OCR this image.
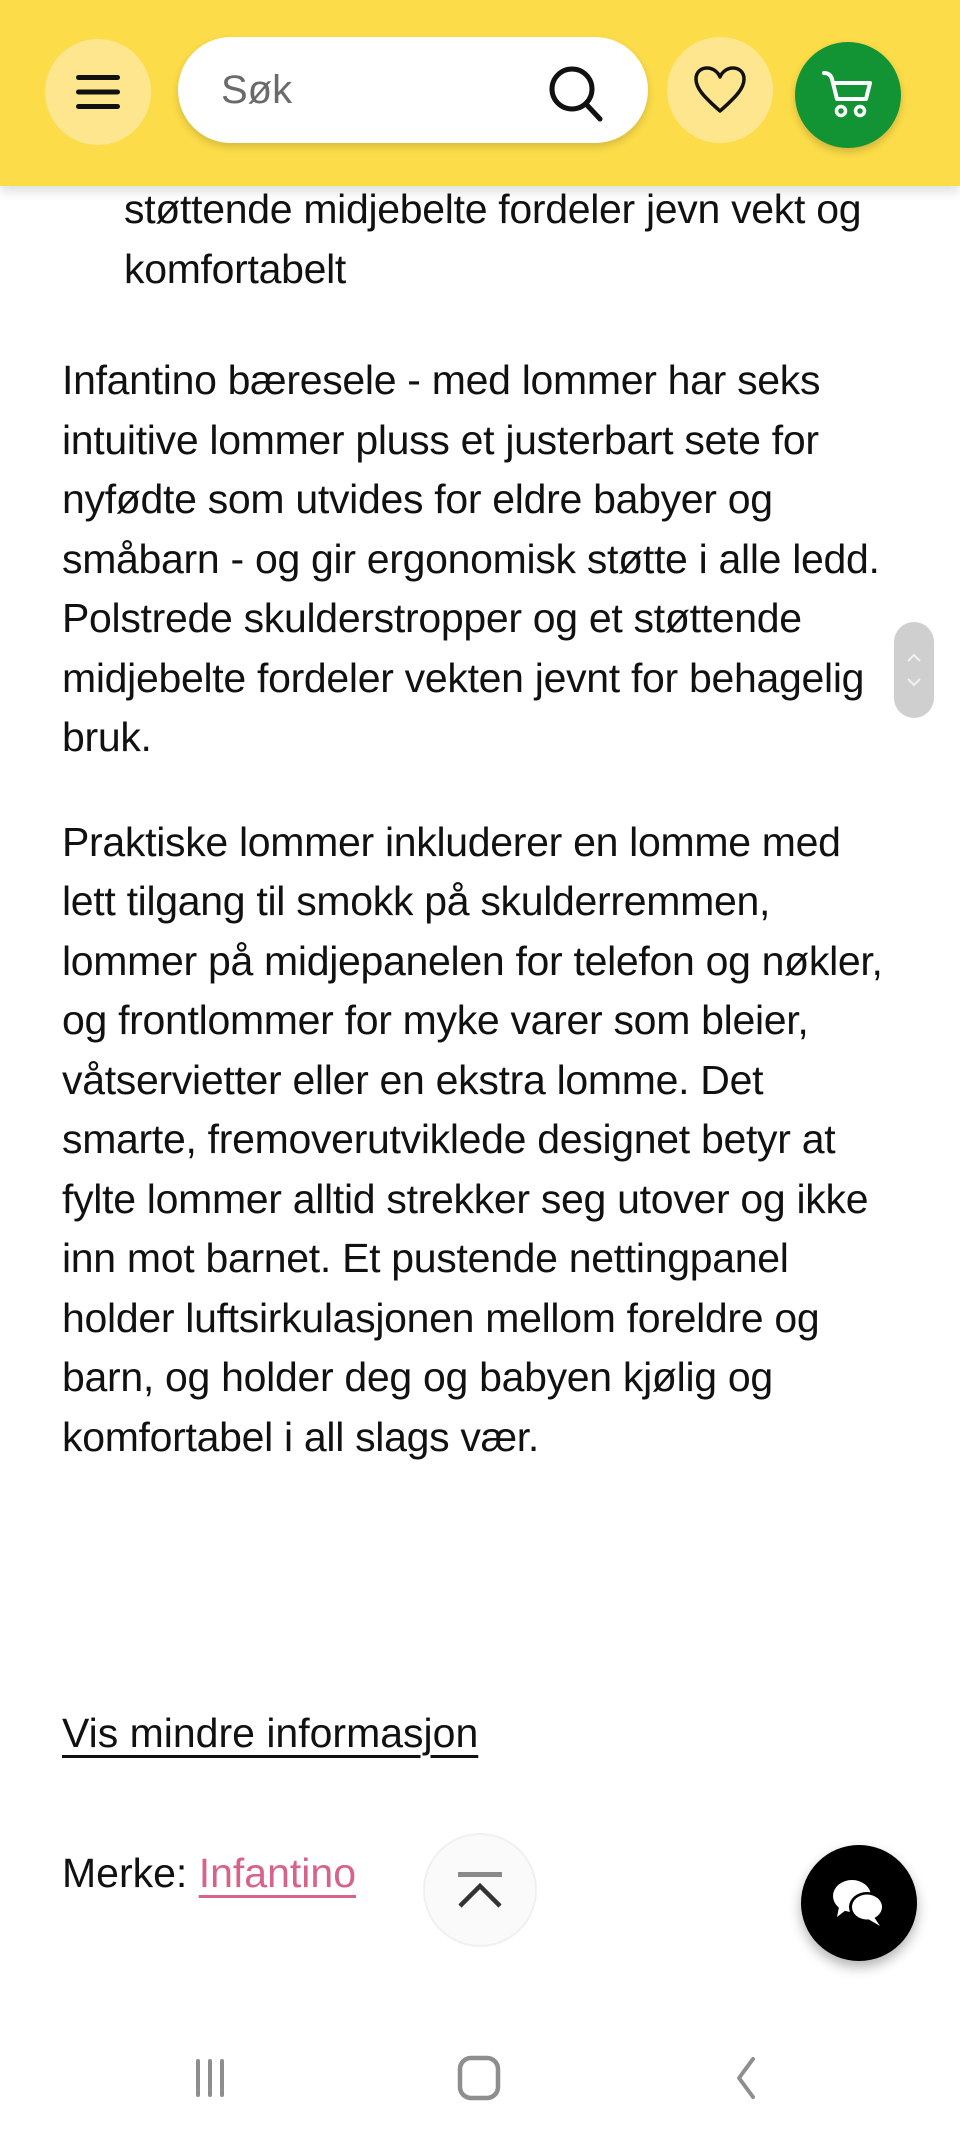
Søk

støttende midjebelte fordeler jevn vekt og komfortabelt

Infantino bæresele - med lommer har seks intuitive lommer pluss et justerbart sete for nyfødte som utvides for eldre babyer og småbarn - og gir ergonomisk støtte i alle ledd. Polstrede skulderstropper og et støttende midjebelte fordeler vekten jevnt for behagelig bruk.

Praktiske lommer inkluderer en lomme med lett tilgang til smokk på skulderremmen, lommer på midjepanelen for telefon og nøkler, og frontlommer for myke varer som bleier, våtservietter eller en ekstra lomme. Det smarte, fremoverutviklede designet betyr at fylte lommer alltid strekker seg utover og ikke inn mot barnet. Et pustende nettingpanel holder luftsirkulasjonen mellom foreldre og barn, og holder deg og babyen kjølig og komfortabel i all slags vær.

Vis mindre informasjon
Merke: Infantino
